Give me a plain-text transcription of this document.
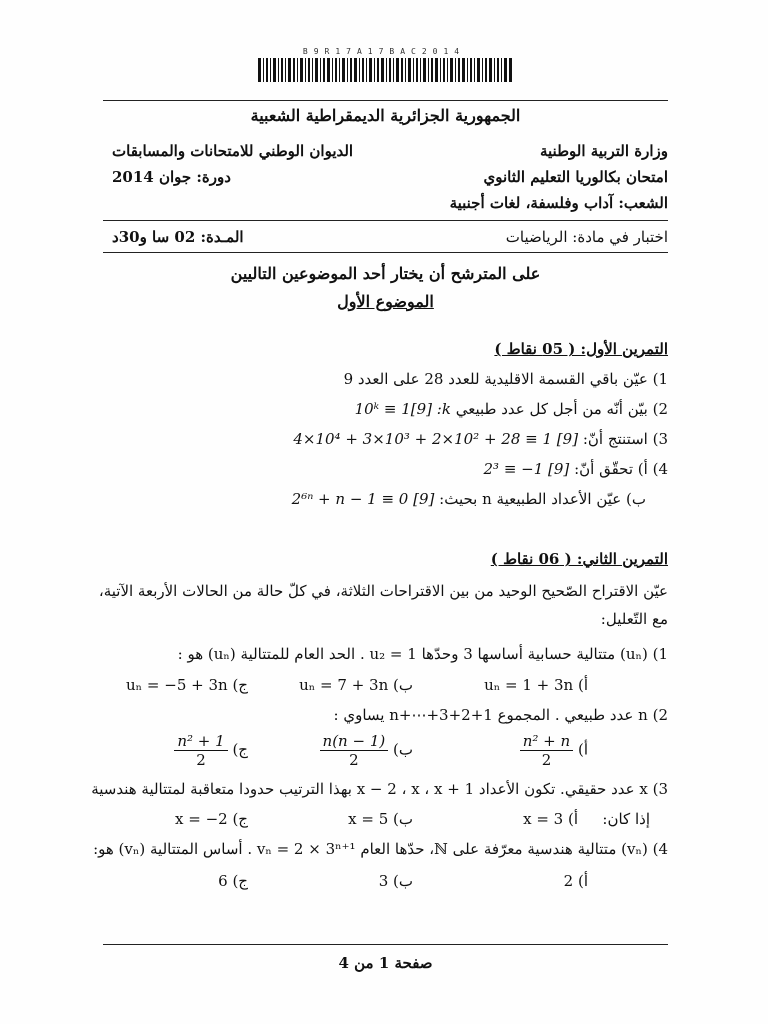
B9R17A17BAC2014
الجمهورية الجزائرية الديمقراطية الشعبية
وزارة التربية الوطنية
الديوان الوطني للامتحانات والمسابقات
امتحان بكالوريا التعليم الثانوي
دورة: جوان 2014
الشعب: آداب وفلسفة، لغات أجنبية
اختبار في مادة: الرياضيات
المـدة: 02 سا و30د
على المترشح أن يختار أحد الموضوعين التاليين
الموضوع الأول
التمرين الأول: ( 05 نقاط )
1) عيّن باقي القسمة الاقليدية للعدد 28 على العدد 9
2) بيّن أنّه من أجل كل عدد طبيعي 10ᵏ ≡ 1[9] :k
3) استنتج أنّ: 4×10⁴ + 3×10³ + 2×10² + 28 ≡ 1 [9]
4) أ) تحقّق أنّ: 2³ ≡ −1 [9]
ب) عيّن الأعداد الطبيعية n بحيث: 2⁶ⁿ + n − 1 ≡ 0 [9]
التمرين الثاني: ( 06 نقاط )
عيّن الاقتراح الصّحيح الوحيد من بين الاقتراحات الثلاثة، في كلّ حالة من الحالات الأربعة الآتية،
مع التّعليل:
1) (uₙ) متتالية حسابية أساسها 3 وحدّها u₂ = 1 . الحد العام للمتتالية (uₙ) هو :
أ) uₙ = 1 + 3n
ب) uₙ = 7 + 3n
ج) uₙ = −5 + 3n
2) n عدد طبيعي . المجموع 1+2+3+⋯+n يساوي :
أ)
$\frac{\text{n² + n}}{2}$
ب)
$\frac{n(n - 1)}{2}$
ج)
$\frac{\text{n² + 1}}{2}$
3) x عدد حقيقي. تكون الأعداد x − 2 ، x ، x + 1 بهذا الترتيب حدودا متعاقبة لمتتالية هندسية
إذا كان:
أ) x = 3
ب) x = 5
ج) x = −2
4) (vₙ) متتالية هندسية معرّفة على ℕ، حدّها العام vₙ = 2 × 3ⁿ⁺¹ . أساس المتتالية (vₙ) هو:
أ) 2
ب) 3
ج) 6
صفحة 1 من 4
